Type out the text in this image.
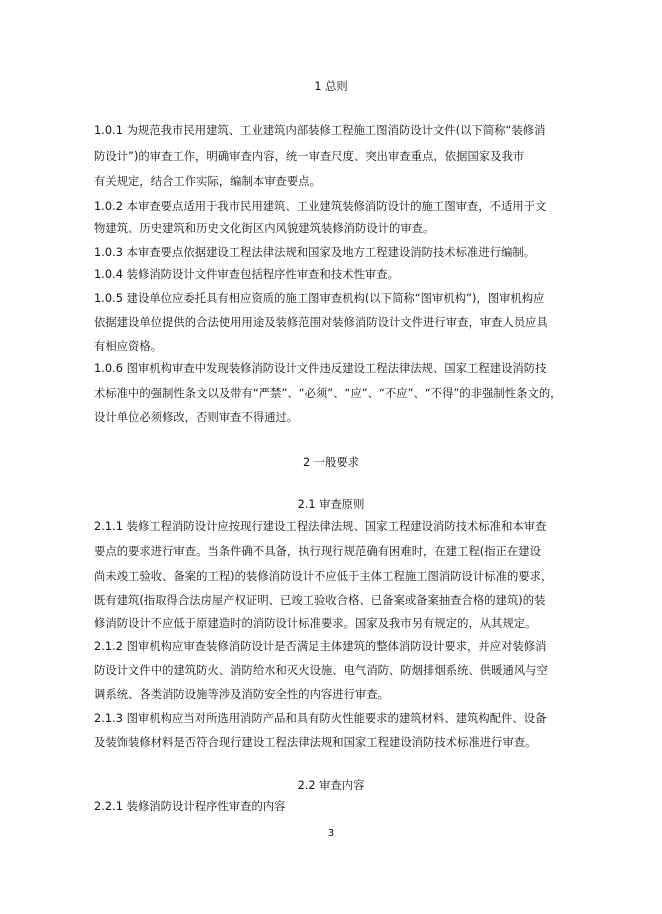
1 总则
1.0.1 为规范我市民用建筑、工业建筑内部装修工程施工图消防设计文件(以下简称“装修消
防设计”)的审查工作，明确审查内容，统一审查尺度、突出审查重点，依据国家及我市
有关规定，结合工作实际，编制本审查要点。
1.0.2 本审查要点适用于我市民用建筑、工业建筑装修消防设计的施工图审查，不适用于文
物建筑、历史建筑和历史文化街区内风貌建筑装修消防设计的审查。
1.0.3 本审查要点依据建设工程法律法规和国家及地方工程建设消防技术标准进行编制。
1.0.4 装修消防设计文件审查包括程序性审查和技术性审查。
1.0.5 建设单位应委托具有相应资质的施工图审查机构(以下简称“图审机构”)，图审机构应
依据建设单位提供的合法使用用途及装修范围对装修消防设计文件进行审查，审查人员应具
有相应资格。
1.0.6 图审机构审查中发现装修消防设计文件违反建设工程法律法规、国家工程建设消防技
术标准中的强制性条文以及带有“严禁”、“必须”、“应”、“不应”、“不得”的非强制性条文的，
设计单位必须修改，否则审查不得通过。
2 一般要求
2.1 审查原则
2.1.1 装修工程消防设计应按现行建设工程法律法规、国家工程建设消防技术标准和本审查
要点的要求进行审查。当条件确不具备，执行现行规范确有困难时，在建工程(指正在建设
尚未竣工验收、备案的工程)的装修消防设计不应低于主体工程施工图消防设计标准的要求，
既有建筑(指取得合法房屋产权证明、已竣工验收合格、已备案或备案抽查合格的建筑)的装
修消防设计不应低于原建造时的消防设计标准要求。国家及我市另有规定的，从其规定。
2.1.2 图审机构应审查装修消防设计是否满足主体建筑的整体消防设计要求，并应对装修消
防设计文件中的建筑防火、消防给水和灭火设施、电气消防、防烟排烟系统、供暖通风与空
调系统、各类消防设施等涉及消防安全性的内容进行审查。
2.1.3 图审机构应当对所选用消防产品和具有防火性能要求的建筑材料、建筑构配件、设备
及装饰装修材料是否符合现行建设工程法律法规和国家工程建设消防技术标准进行审查。
2.2 审查内容
2.2.1 装修消防设计程序性审查的内容
3
